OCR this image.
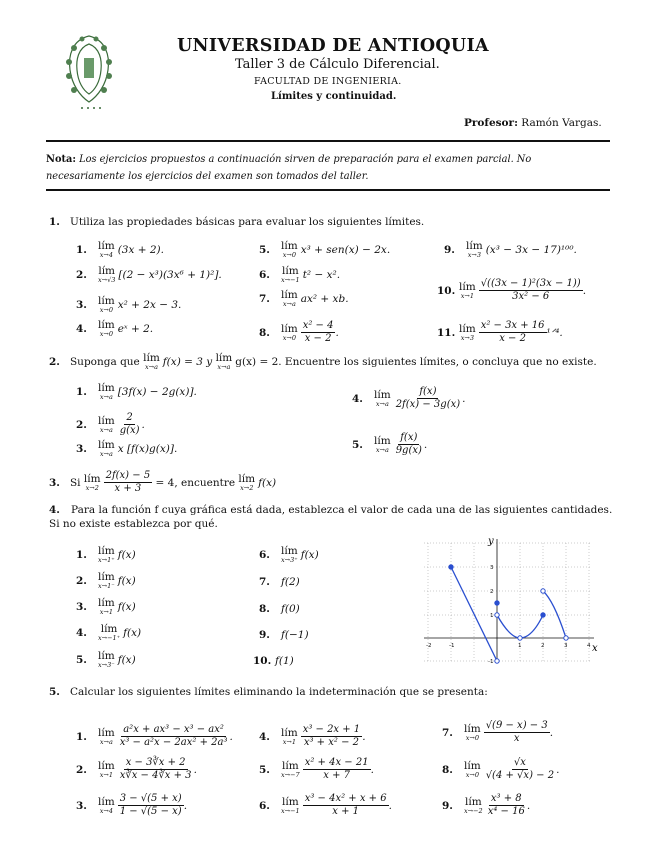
UNIVERSIDAD DE ANTIOQUIA
Taller 3 de Cálculo Diferencial.
FACULTAD DE INGENIERIA.
Límites y continuidad.
Profesor: Ramón Vargas.
Nota: Los ejercicios propuestos a continuación sirven de preparación para el examen parcial. No necesariamente los ejercicios del examen son tomados del taller.
1. Utiliza las propiedades básicas para evaluar los siguientes límites.
1.	lím
x→4 (3x + 2).
2.	lím
x→√3 [(2 − x³)(3x⁶ + 1)²].
3.	lím
x→0 x² + 2x − 3.
4.	lím
x→0 eˣ + 2.
5.	lím
x→0 x³ + sen(x) − 2x.
6.	lím
x→−1 t² − x².
7.	lím
x→a ax² + xb.
8.	lím
$x\to 0 \frac{\text{x² − 4}}{x - 2}$ .
9.	lím
x→3 (x³ − 3x − 17)¹⁰⁰.
10. lím
$x\to 1 \frac{\text{√((3x − 1)²(3x − 1))}}{\text{3x² − 6}}$ .
11. lím
$x\to 3 \frac{\text{x² − 3x + 16}}{x - 2}$ ¹ᐟ⁴.
2.
Suponga que
lím
x→a f(x) = 3 y
lím
x→a g(x) = 2. Encuentre los siguientes límites, o concluya que no existe.
1.	lím
x→a [3f(x) − 2g(x)].
2.	lím
$x\to a \frac{2}{g(x)}$ .
3.	lím
x→a x [f(x)g(x)].
4.	lím
$x\to a \frac{f(x)}{2f(x) - 3g(x)}$ .
5.	lím
$x\to a \frac{f(x)}{9g(x)}$ .
3.
Si
lím
$x\to 2 \frac{2f(x) - 5}{x + 3}$
= 4, encuentre
lím
x→2 f(x)
4. Para la función f cuya gráfica está dada, establezca el valor de cada una de las siguientes cantidades. Si no existe establezca por qué.
1.	lím
x→1⁺ f(x)
2.	lím
x→1⁻ f(x)
3.	lím
x→1 f(x)
4.	lím
x→−1⁺ f(x)
5.	lím
x→3⁻ f(x)
6.	lím
x→3⁺ f(x)
7.	f(2)
8.	f(0)
9.	f(−1)
10. f(1)
x
y
-2	-1	1	2	3	4
3
2
1
-1
5. Calcular los siguientes límites eliminando la indeterminación que se presenta:
1.	lím
$x\to a \frac{\text{a²x + ax³ − x³ − ax²}}{\text{x³ − a²x − 2ax² + 2a³}}$ .
2.	lím
$x\to 1 \frac{x - 3∛x + 2}{x∛x - 4∛x + 3}$ .
3.	lím
$x\to 4 \frac{3 - √(5 + x)}{1 - √(5 - x)}$ .
4.	lím
$x\to 1 \frac{\text{x³ − 2x + 1}}{\text{x³ + x² − 2}}$ .
5.	lím
$x\to-7 \frac{\text{x² + 4x − 21}}{x + 7}$ .
6.	lím
$x\to-1 \frac{\text{x³ − 4x² + x + 6}}{x + 1}$ .
7.	lím
$x\to 0 \frac{√(9 - x) - 3}{x}$ .
8.	lím
$x\to 0 \frac{√x}{√(4 + √x) - 2}$ .
9.	lím
$x\to-2 \frac{\text{x³ + 8}}{\text{x⁴ − 16}}$ .
